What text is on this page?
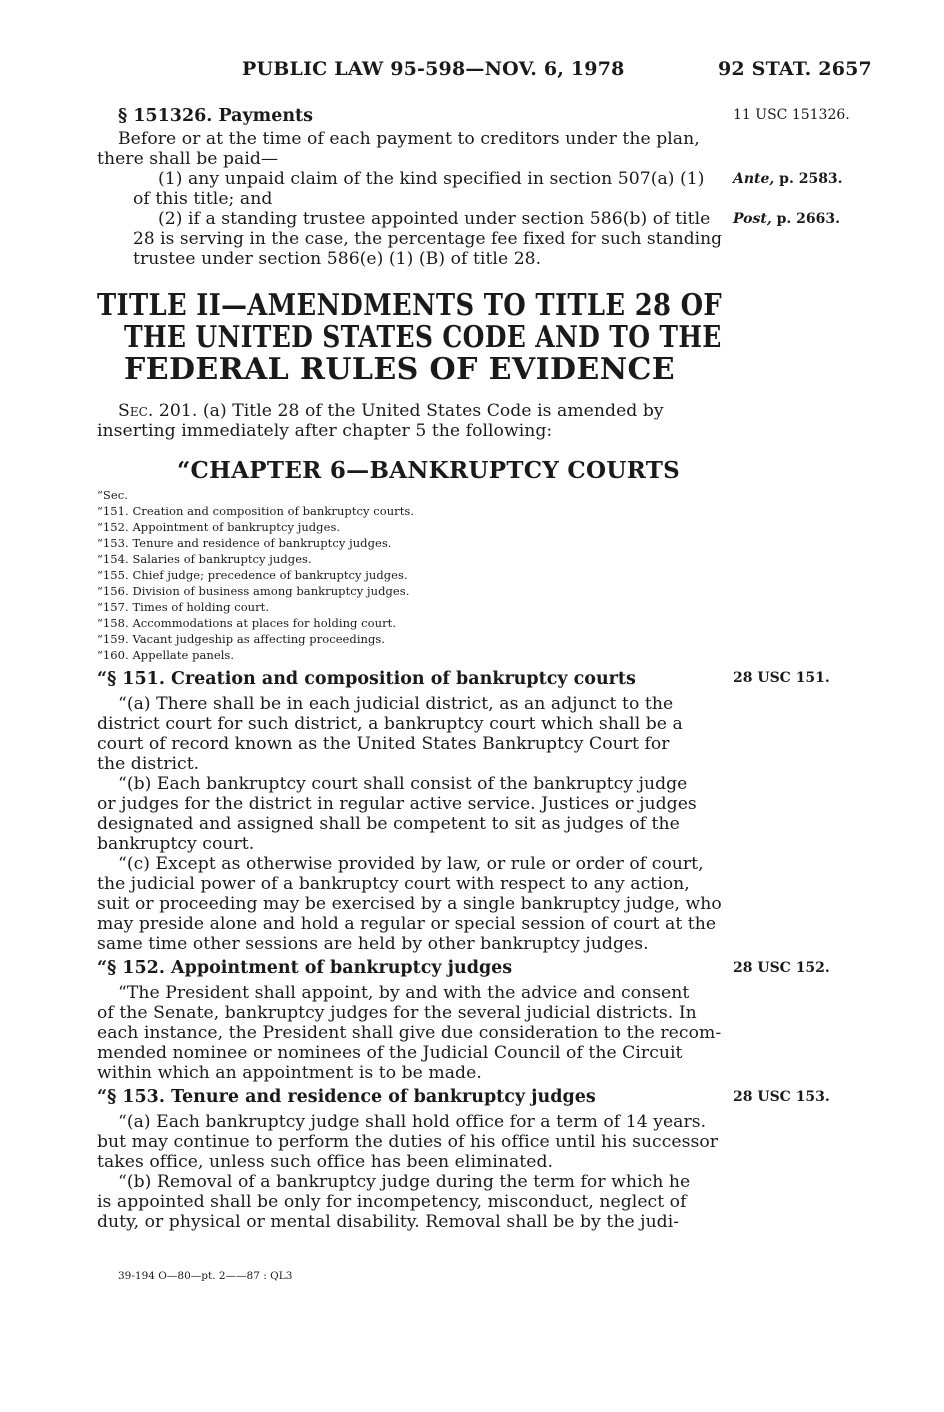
PUBLIC LAW 95-598—NOV. 6, 1978	92 STAT. 2657
§ 151326. Payments	11 USC 151326.
Before or at the time of each payment to creditors under the plan,
there shall be paid—
(1) any unpaid claim of the kind specified in section 507(a) (1)
of this title; and
(2) if a standing trustee appointed under section 586(b) of title
28 is serving in the case, the percentage fee fixed for such standing
trustee under section 586(e) (1) (B) of title 28.
Ante, p. 2583.
Post, p. 2663.
TITLE II—AMENDMENTS TO TITLE 28 OF
THE UNITED STATES CODE AND TO THE
FEDERAL RULES OF EVIDENCE
Sec. 201. (a) Title 28 of the United States Code is amended by
inserting immediately after chapter 5 the following:
“CHAPTER 6—BANKRUPTCY COURTS
“Sec.
“151. Creation and composition of bankruptcy courts.
“152. Appointment of bankruptcy judges.
“153. Tenure and residence of bankruptcy judges.
“154. Salaries of bankruptcy judges.
“155. Chief judge; precedence of bankruptcy judges.
“156. Division of business among bankruptcy judges.
“157. Times of holding court.
“158. Accommodations at places for holding court.
“159. Vacant judgeship as affecting proceedings.
“160. Appellate panels.
“§ 151. Creation and composition of bankruptcy courts	28 USC 151.
“(a) There shall be in each judicial district, as an adjunct to the
district court for such district, a bankruptcy court which shall be a
court of record known as the United States Bankruptcy Court for
the district.
“(b) Each bankruptcy court shall consist of the bankruptcy judge
or judges for the district in regular active service. Justices or judges
designated and assigned shall be competent to sit as judges of the
bankruptcy court.
“(c) Except as otherwise provided by law, or rule or order of court,
the judicial power of a bankruptcy court with respect to any action,
suit or proceeding may be exercised by a single bankruptcy judge, who
may preside alone and hold a regular or special session of court at the
same time other sessions are held by other bankruptcy judges.
“§ 152. Appointment of bankruptcy judges	28 USC 152.
“The President shall appoint, by and with the advice and consent
of the Senate, bankruptcy judges for the several judicial districts. In
each instance, the President shall give due consideration to the recom-
mended nominee or nominees of the Judicial Council of the Circuit
within which an appointment is to be made.
“§ 153. Tenure and residence of bankruptcy judges	28 USC 153.
“(a) Each bankruptcy judge shall hold office for a term of 14 years.
but may continue to perform the duties of his office until his successor
takes office, unless such office has been eliminated.
“(b) Removal of a bankruptcy judge during the term for which he
is appointed shall be only for incompetency, misconduct, neglect of
duty, or physical or mental disability. Removal shall be by the judi-
39-194 O—80—pt. 2——87 : QL3
